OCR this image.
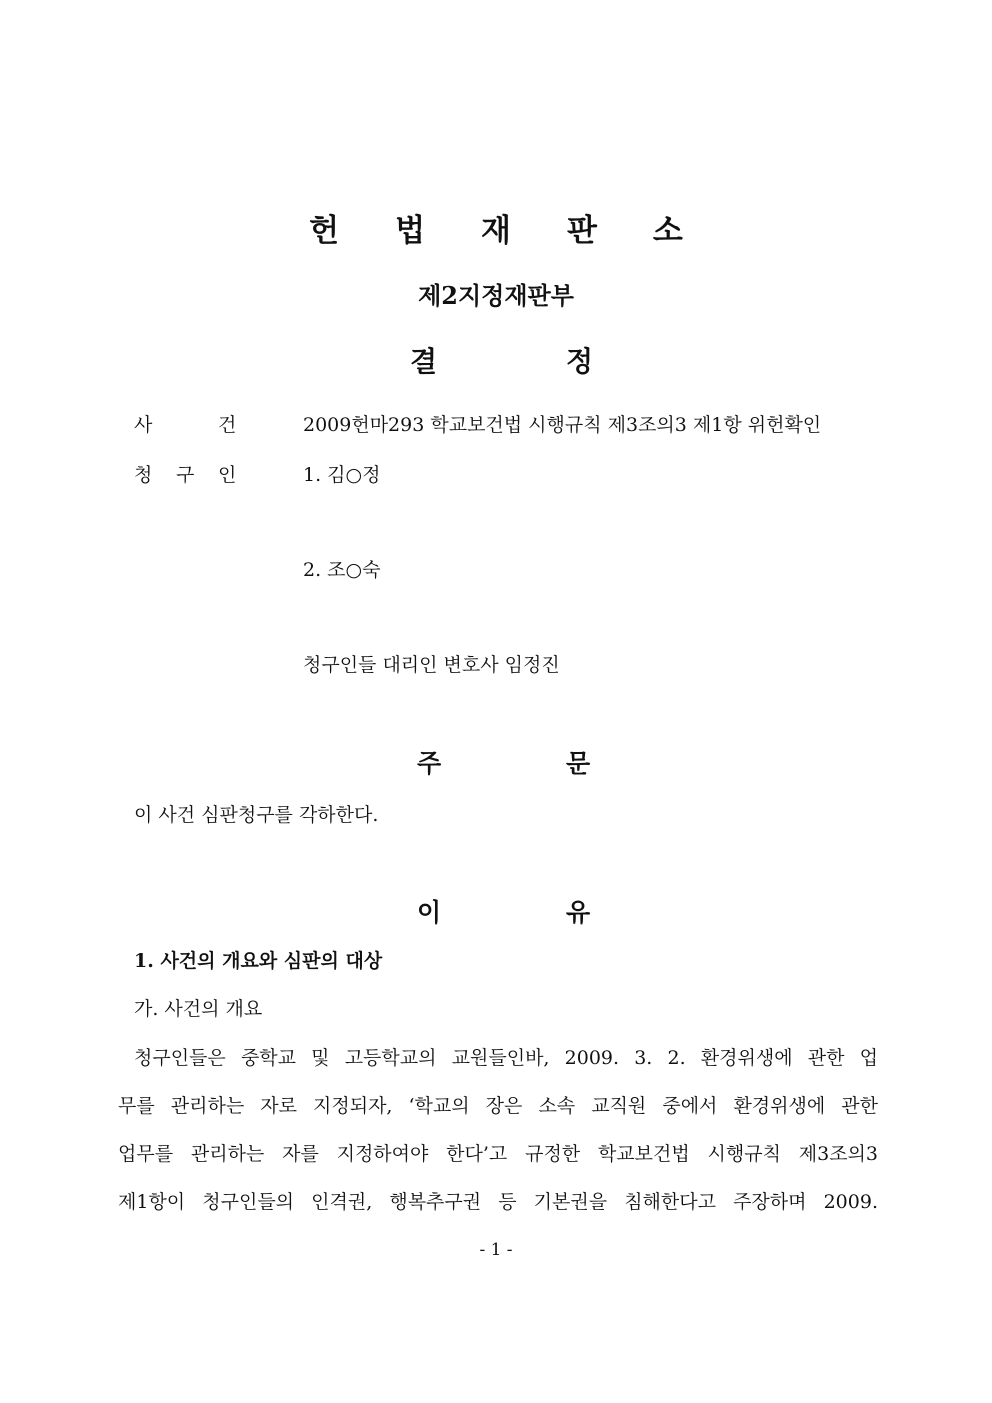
헌 법 재 판 소
제2지정재판부
결	정
사	건	2009헌마293 학교보건법 시행규칙 제3조의3 제1항 위헌확인
청 구 인	1. 김○정
2. 조○숙
청구인들 대리인 변호사 임정진
주	문
이 사건 심판청구를 각하한다.
이	유
1. 사건의 개요와 심판의 대상
가. 사건의 개요
청구인들은 중학교 및 고등학교의 교원들인바, 2009. 3. 2. 환경위생에 관한 업
무를 관리하는 자로 지정되자, ‘학교의 장은 소속 교직원 중에서 환경위생에 관한
업무를 관리하는 자를 지정하여야 한다’고 규정한 학교보건법 시행규칙 제3조의3
제1항이 청구인들의 인격권, 행복추구권 등 기본권을 침해한다고 주장하며 2009.
- 1 -
